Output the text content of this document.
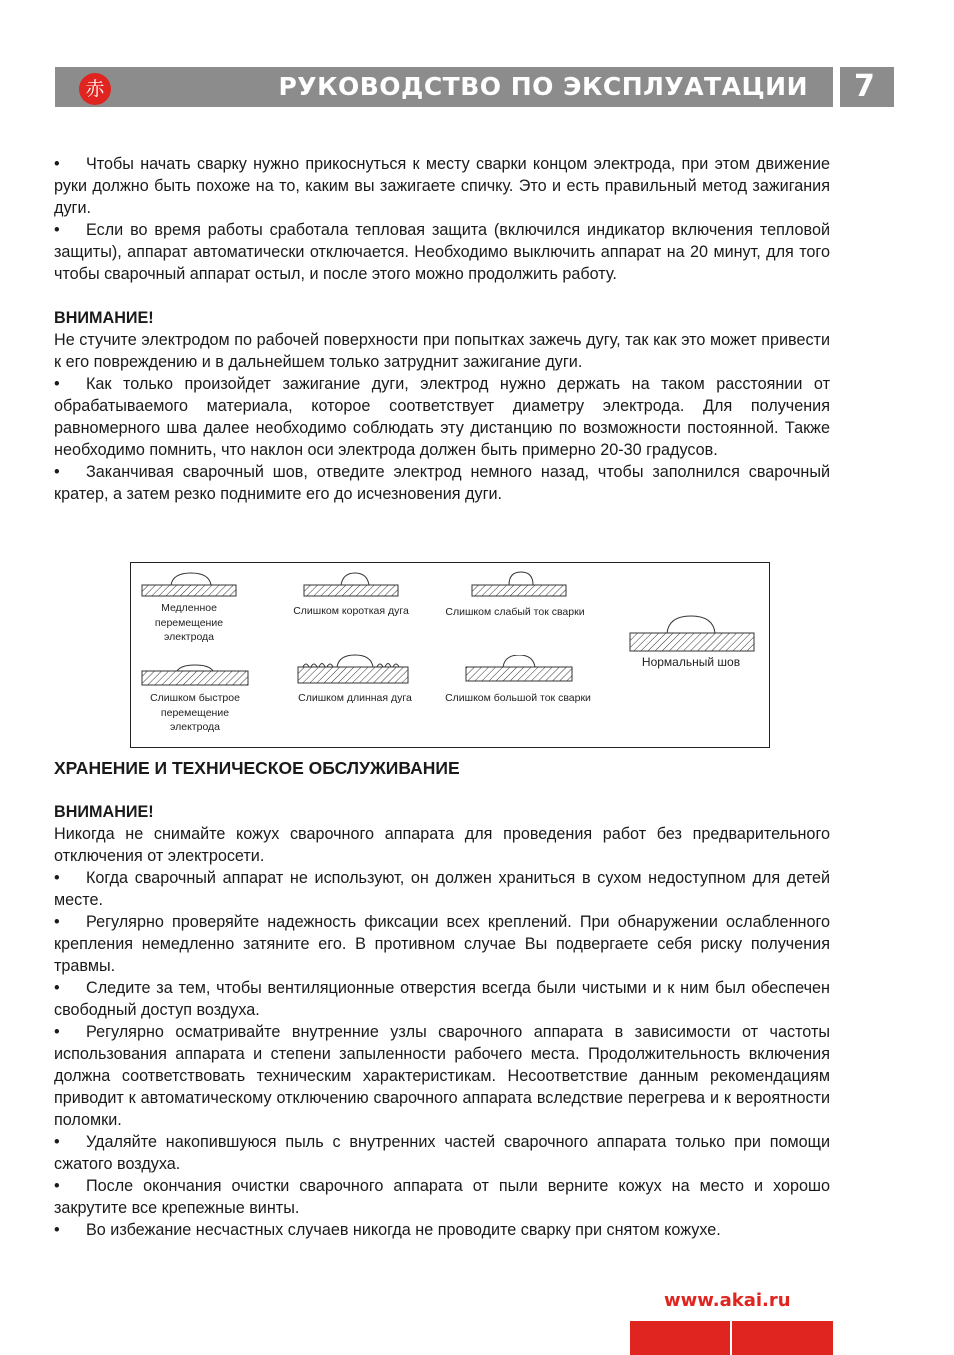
赤	РУКОВОДСТВО ПО ЭКСПЛУАТАЦИИ	7

• Чтобы начать сварку нужно прикоснуться к месту сварки концом электрода, при этом движение руки должно быть похоже на то, каким вы зажигаете спичку. Это и есть правильный метод зажигания дуги.

• Если во время работы сработала тепловая защита (включился индикатор включения тепловой защиты), аппарат автоматически отключается. Необходимо выключить аппарат на 20 минут, для того чтобы сварочный аппарат остыл, и после этого можно продолжить работу.

ВНИМАНИЕ!

Не стучите электродом по рабочей поверхности при попытках зажечь дугу, так как это может привести к его повреждению и в дальнейшем только затруднит зажигание дуги.

• Как только произойдет зажигание дуги, электрод нужно держать на таком расстоянии от обрабатываемого материала, которое соответствует диаметру электрода. Для получения равномерного шва далее необходимо соблюдать эту дистанцию по возможности постоянной. Также необходимо помнить, что наклон оси электрода должен быть примерно 20-30 градусов.

• Заканчивая сварочный шов, отведите электрод немного назад, чтобы заполнился сварочный кратер, а затем резко поднимите его до исчезновения дуги.

Медленное перемещение электрода
Слишком короткая дуга	Слишком слабый ток сварки
Нормальный шов
Слишком быстрое перемещение электрода
Слишком длинная дуга	Слишком большой ток сварки

ХРАНЕНИЕ И ТЕХНИЧЕСКОЕ ОБСЛУЖИВАНИЕ

ВНИМАНИЕ!

Никогда не снимайте кожух сварочного аппарата для проведения работ без предварительного отключения от электросети.

• Когда сварочный аппарат не используют, он должен храниться в сухом недоступном для детей месте.

• Регулярно проверяйте надежность фиксации всех креплений. При обнаружении ослабленного крепления немедленно затяните его. В противном случае Вы подвергаете себя риску получения травмы.

• Следите за тем, чтобы вентиляционные отверстия всегда были чистыми и к ним был обеспечен свободный доступ воздуха.

• Регулярно осматривайте внутренние узлы сварочного аппарата в зависимости от частоты использования аппарата и степени запыленности рабочего места. Продолжительность включения должна соответствовать техническим характеристикам. Несоответствие данным рекомендациям приводит к автоматическому отключению сварочного аппарата вследствие перегрева и к вероятности поломки.

• Удаляйте накопившуюся пыль с внутренних частей сварочного аппарата только при помощи сжатого воздуха.

• После окончания очистки сварочного аппарата от пыли верните кожух на место и хорошо закрутите все крепежные винты.

• Во избежание несчастных случаев никогда не проводите сварку при снятом кожухе.

www.akai.ru
